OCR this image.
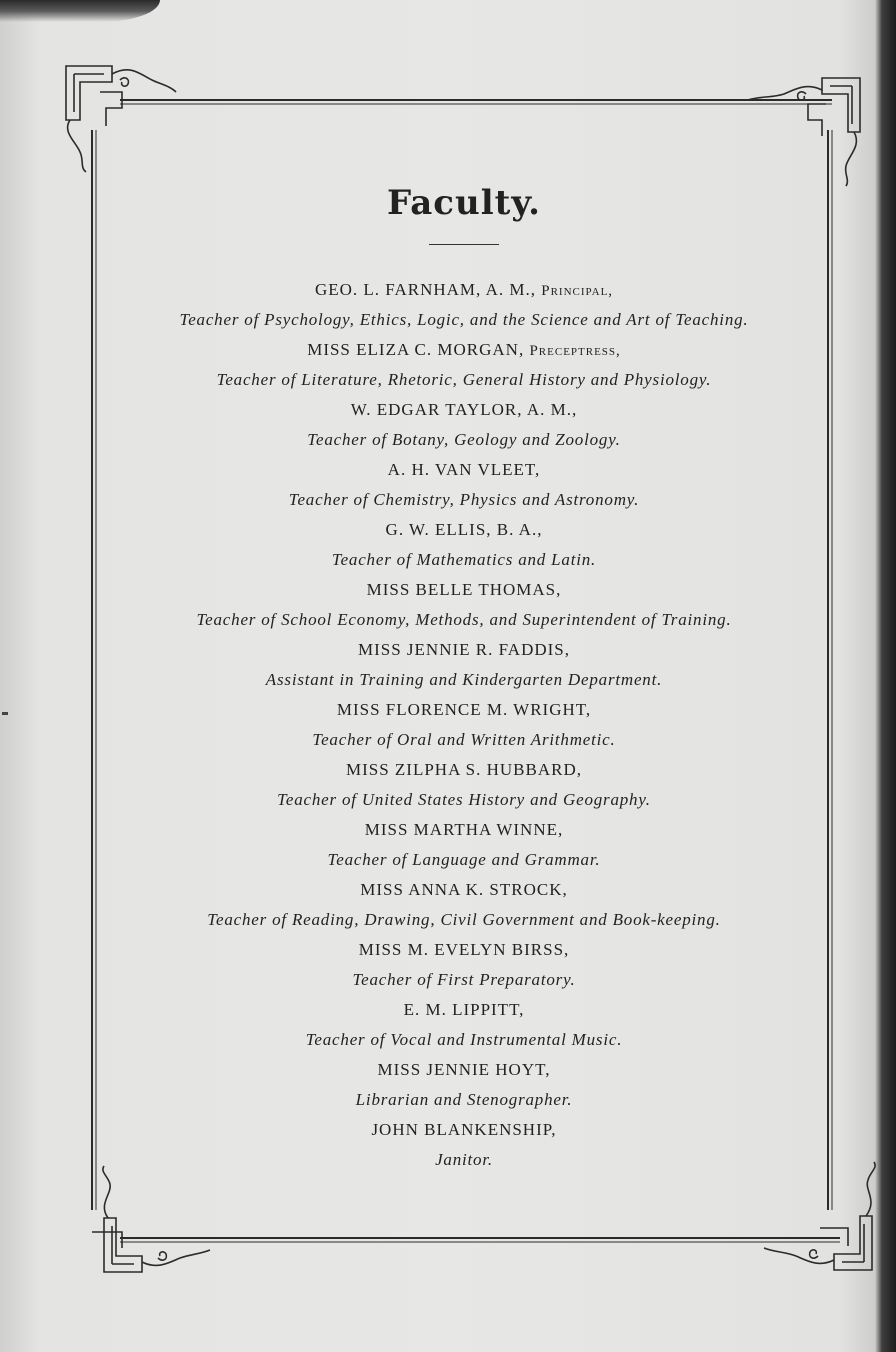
Faculty.
GEO. L. FARNHAM, A. M., Principal,
Teacher of Psychology, Ethics, Logic, and the Science and Art of Teaching.
MISS ELIZA C. MORGAN, Preceptress,
Teacher of Literature, Rhetoric, General History and Physiology.
W. EDGAR TAYLOR, A. M.,
Teacher of Botany, Geology and Zoology.
A. H. VAN VLEET,
Teacher of Chemistry, Physics and Astronomy.
G. W. ELLIS, B. A.,
Teacher of Mathematics and Latin.
MISS BELLE THOMAS,
Teacher of School Economy, Methods, and Superintendent of Training.
MISS JENNIE R. FADDIS,
Assistant in Training and Kindergarten Department.
MISS FLORENCE M. WRIGHT,
Teacher of Oral and Written Arithmetic.
MISS ZILPHA S. HUBBARD,
Teacher of United States History and Geography.
MISS MARTHA WINNE,
Teacher of Language and Grammar.
MISS ANNA K. STROCK,
Teacher of Reading, Drawing, Civil Government and Book-keeping.
MISS M. EVELYN BIRSS,
Teacher of First Preparatory.
E. M. LIPPITT,
Teacher of Vocal and Instrumental Music.
MISS JENNIE HOYT,
Librarian and Stenographer.
JOHN BLANKENSHIP,
Janitor.
